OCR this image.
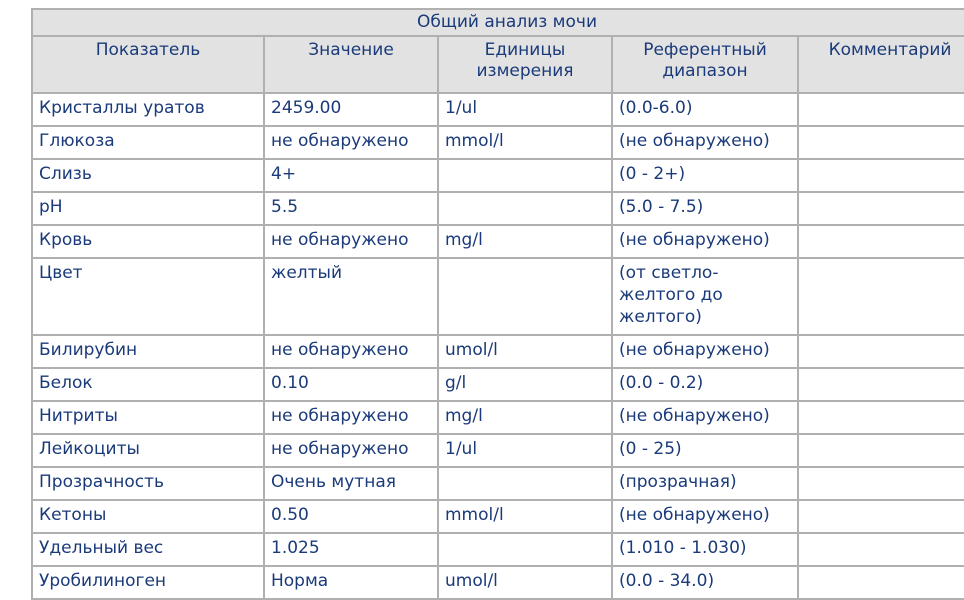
Общий анализ мочи				
Показатель	Значение	Единицы измерения	Референтный диапазон	Комментарий
Кристаллы уратов	2459.00	1/ul	(0.0-6.0)	
Глюкоза	не обнаружено	mmol/l	(не обнаружено)	
Слизь	4+		(0 - 2+)	
pH	5.5		(5.0 - 7.5)	
Кровь	не обнаружено	mg/l	(не обнаружено)	
Цвет	желтый		(от светло-желтого до желтого)	
Билирубин	не обнаружено	umol/l	(не обнаружено)	
Белок	0.10	g/l	(0.0 - 0.2)	
Нитриты	не обнаружено	mg/l	(не обнаружено)	
Лейкоциты	не обнаружено	1/ul	(0 - 25)	
Прозрачность	Очень мутная		(прозрачная)	
Кетоны	0.50	mmol/l	(не обнаружено)	
Удельный вес	1.025		(1.010 - 1.030)	
Уробилиноген	Норма	umol/l	(0.0 - 34.0)	
